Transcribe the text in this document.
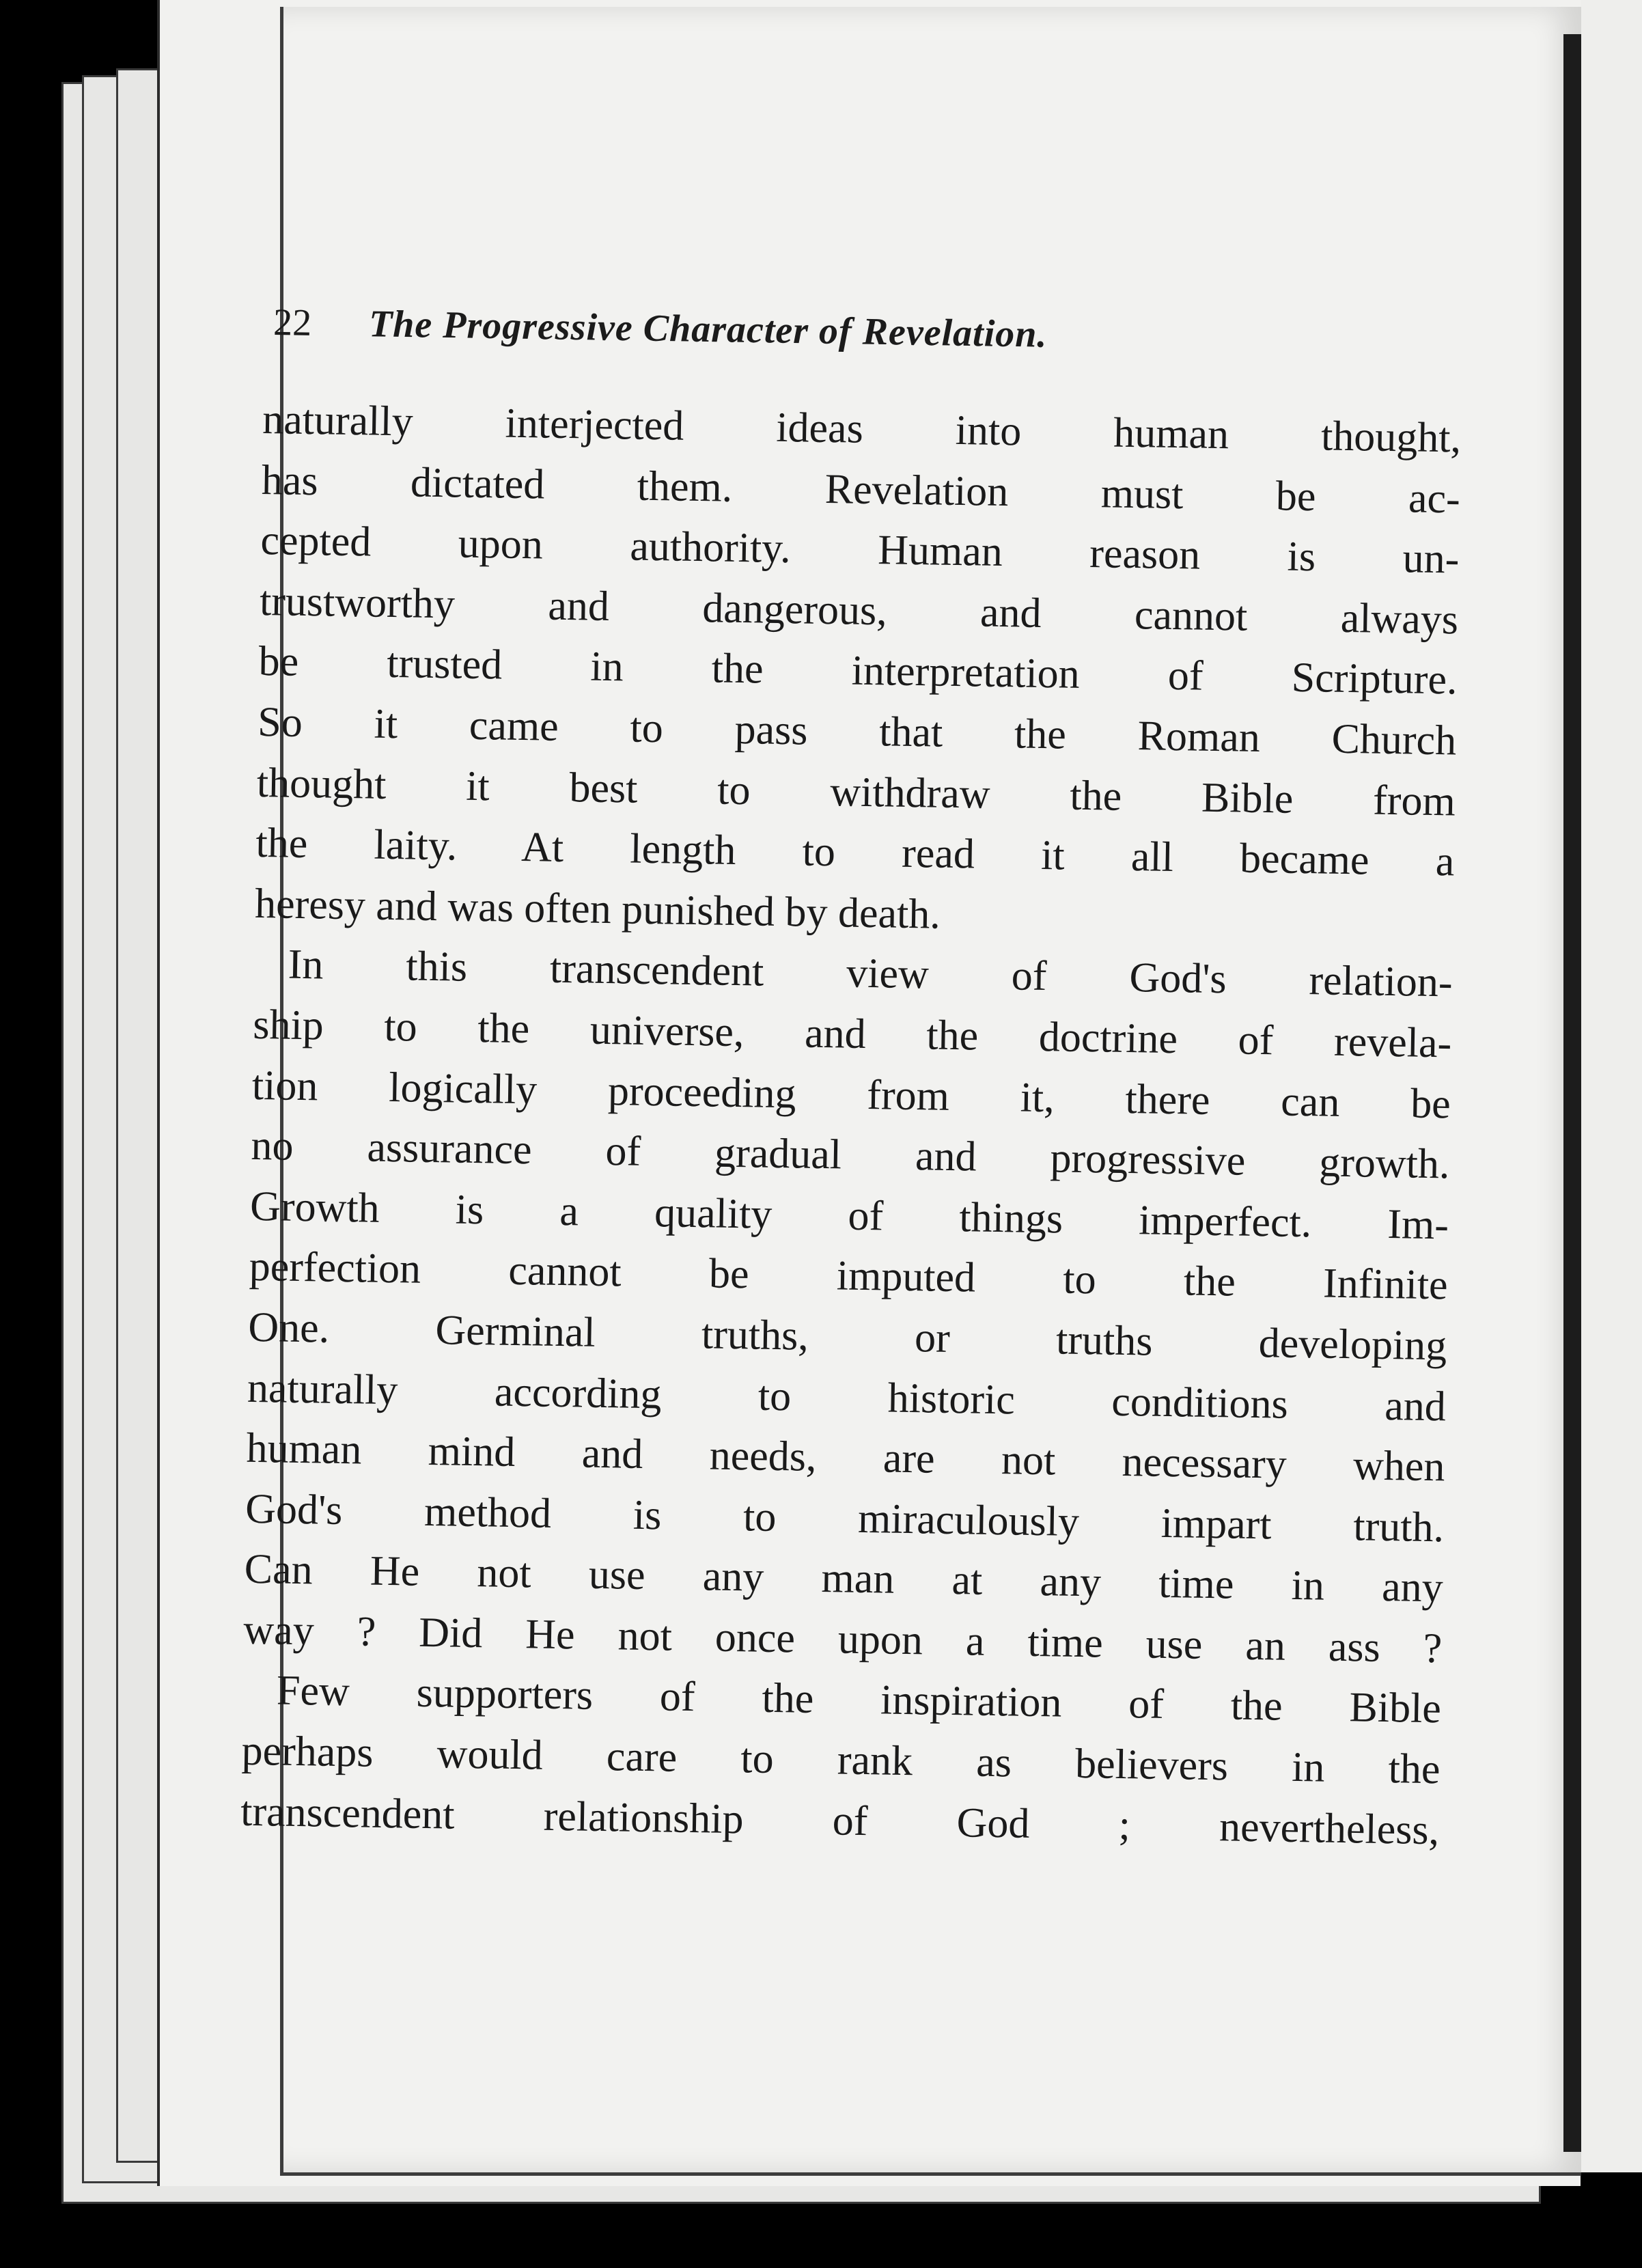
22 The Progressive Character of Revelation.
naturally interjected ideas into human thought,
has dictated them. Revelation must be ac-
cepted upon authority. Human reason is un-
trustworthy and dangerous, and cannot always
be trusted in the interpretation of Scripture.
So it came to pass that the Roman Church
thought it best to withdraw the Bible from
the laity. At length to read it all became a
heresy and was often punished by death.
In this transcendent view of God's relation-
ship to the universe, and the doctrine of revela-
tion logically proceeding from it, there can be
no assurance of gradual and progressive growth.
Growth is a quality of things imperfect. Im-
perfection cannot be imputed to the Infinite
One. Germinal truths, or truths developing
naturally according to historic conditions and
human mind and needs, are not necessary when
God's method is to miraculously impart truth.
Can He not use any man at any time in any
way ? Did He not once upon a time use an ass ?
Few supporters of the inspiration of the Bible
perhaps would care to rank as believers in the
transcendent relationship of God ; nevertheless,
